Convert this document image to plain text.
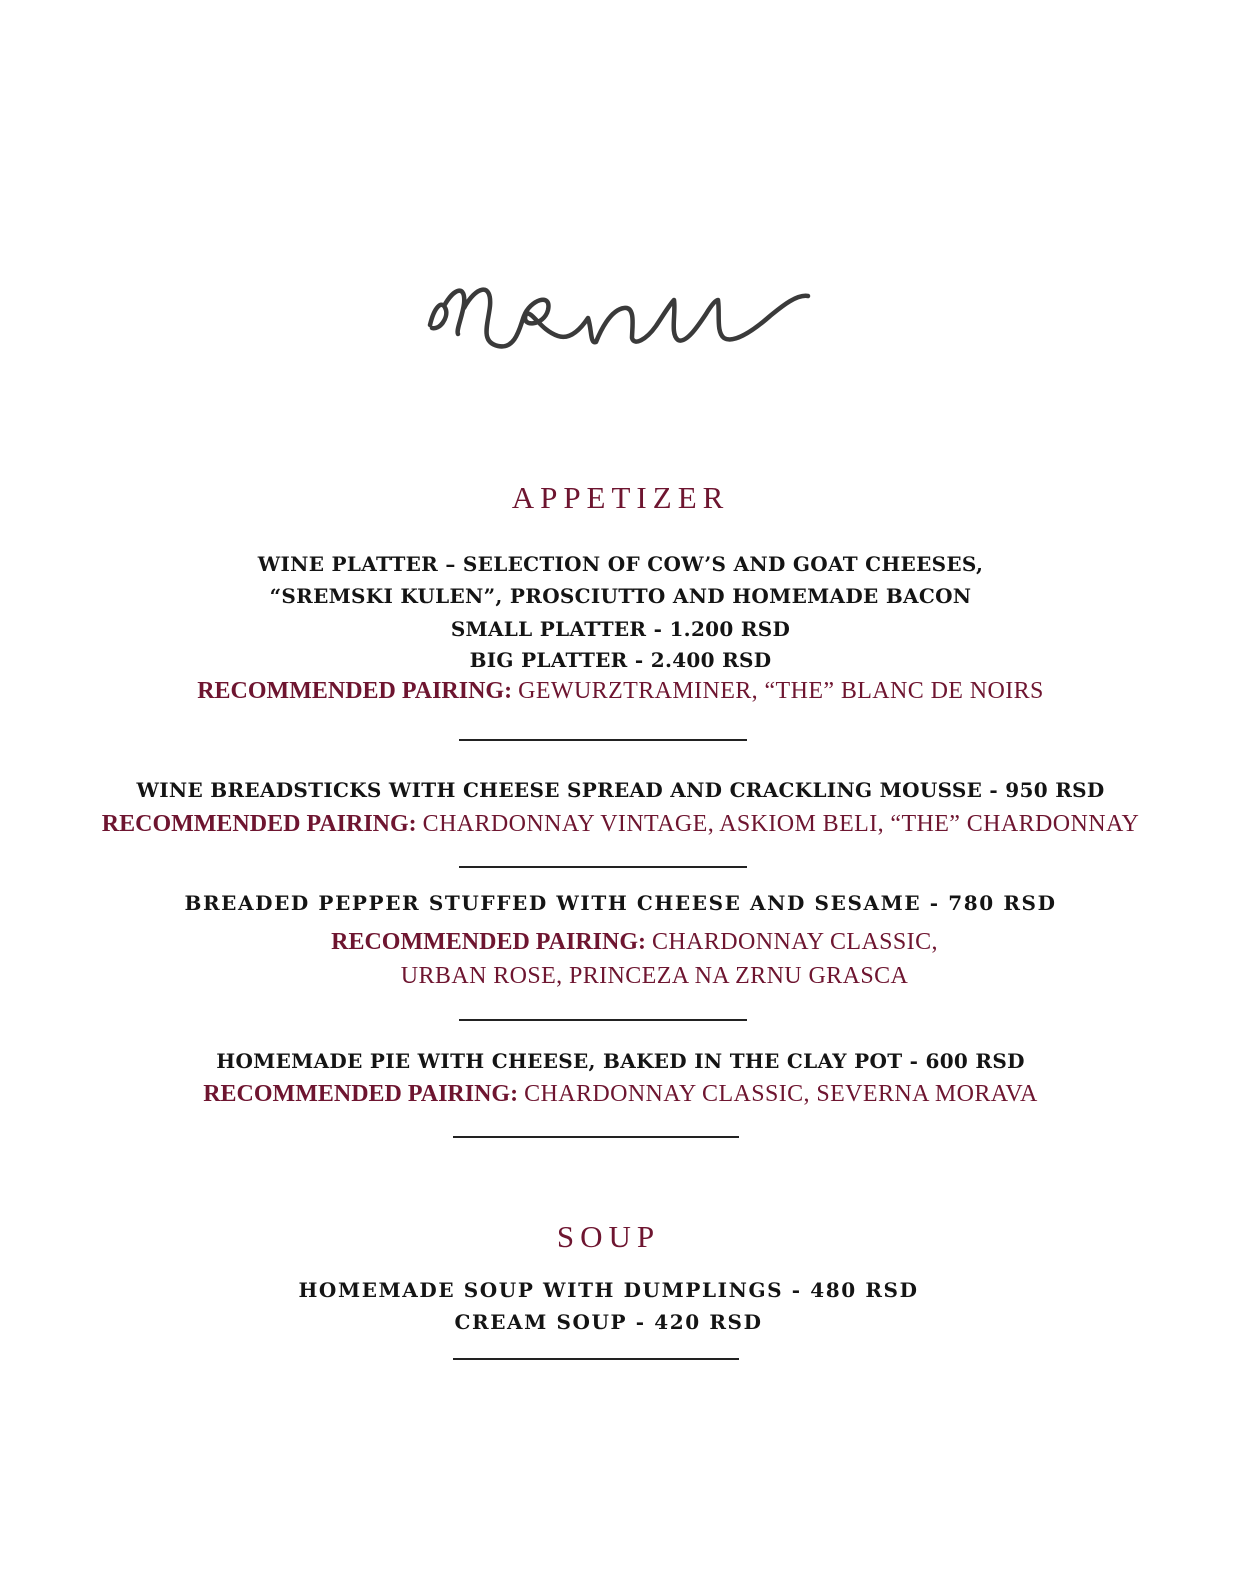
APPETIZER
WINE PLATTER – SELECTION OF COW’S AND GOAT CHEESES,
“SREMSKI KULEN”, PROSCIUTTO AND HOMEMADE BACON
SMALL PLATTER - 1.200 RSD
BIG PLATTER - 2.400 RSD
RECOMMENDED PAIRING: GEWURZTRAMINER, “THE” BLANC DE NOIRS
WINE BREADSTICKS WITH CHEESE SPREAD AND CRACKLING MOUSSE - 950 RSD
RECOMMENDED PAIRING: CHARDONNAY VINTAGE, ASKIOM BELI, “THE” CHARDONNAY
BREADED PEPPER STUFFED WITH CHEESE AND SESAME - 780 RSD
RECOMMENDED PAIRING: CHARDONNAY CLASSIC,
URBAN ROSE, PRINCEZA NA ZRNU GRASCA
HOMEMADE PIE WITH CHEESE, BAKED IN THE CLAY POT - 600 RSD
RECOMMENDED PAIRING: CHARDONNAY CLASSIC, SEVERNA MORAVA
SOUP
HOMEMADE SOUP WITH DUMPLINGS - 480 RSD
CREAM SOUP - 420 RSD
